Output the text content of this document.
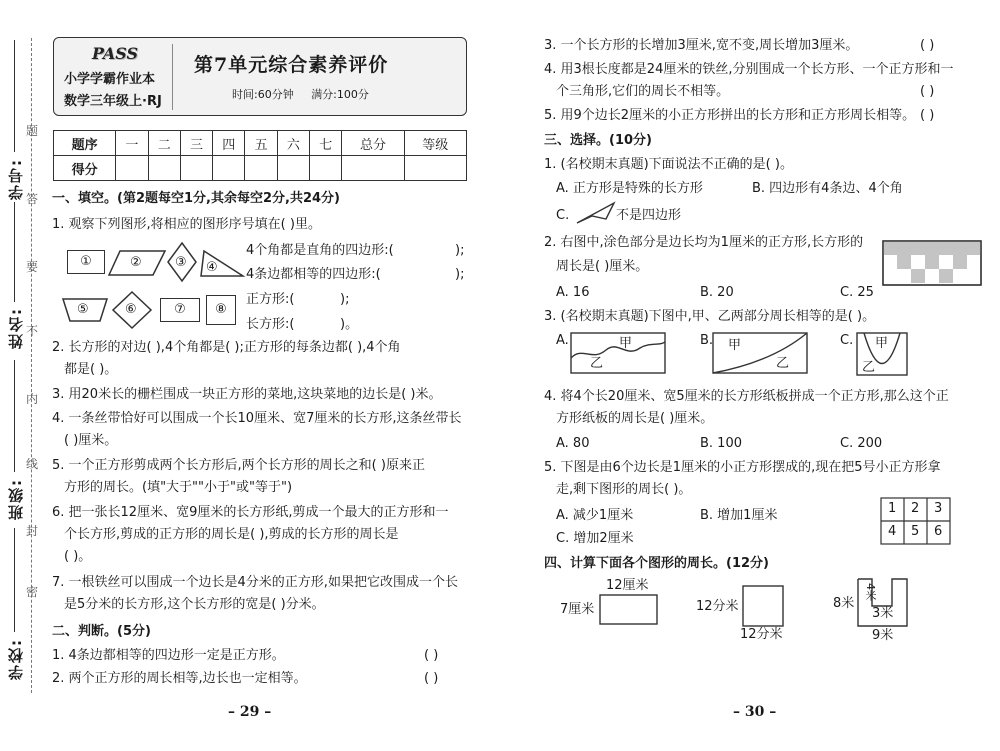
题
答
要
不
内
线
封
密
学号:
姓名:
班级:
学校:
PASS
小学学霸作业本
数学三年级上·RJ
第7单元综合素养评价
时间:60分钟 满分:100分
题序	一	二	三	四	五	六	七	总分	等级
得分									
一、填空。(第2题每空1分,其余每空2分,共24分)
1. 观察下列图形,将相应的图形序号填在( )里。
①	②	③ ④
⑤	⑥	⑦	⑧
4个角都是直角的四边形:(	);
4条边都相等的四边形:(	);
正方形:(	);
长方形:(	)。
2. 长方形的对边( ),4个角都是( );正方形的每条边都( ),4个角
都是( )。
3. 用20米长的栅栏围成一块正方形的菜地,这块菜地的边长是( )米。
4. 一条丝带恰好可以围成一个长10厘米、宽7厘米的长方形,这条丝带长
( )厘米。
5. 一个正方形剪成两个长方形后,两个长方形的周长之和( )原来正
方形的周长。(填"大于""小于"或"等于")
6. 把一张长12厘米、宽9厘米的长方形纸,剪成一个最大的正方形和一
个长方形,剪成的正方形的周长是( ),剪成的长方形的周长是
( )。
7. 一根铁丝可以围成一个边长是4分米的正方形,如果把它改围成一个长
是5分米的长方形,这个长方形的宽是( )分米。
二、判断。(5分)
1. 4条边都相等的四边形一定是正方形。	( )
2. 两个正方形的周长相等,边长也一定相等。	( )
– 29 –
3. 一个长方形的长增加3厘米,宽不变,周长增加3厘米。	( )
4. 用3根长度都是24厘米的铁丝,分别围成一个长方形、一个正方形和一
个三角形,它们的周长不相等。	( )
5. 用9个边长2厘米的小正方形拼出的长方形和正方形周长相等。 ( )
三、选择。(10分)
1. (名校期末真题)下面说法不正确的是( )。
A. 正方形是特殊的长方形	B. 四边形有4条边、4个角
C.	不是四边形
2. 右图中,涂色部分是边长均为1厘米的正方形,长方形的
周长是( )厘米。
A. 16	B. 20	C. 25
3. (名校期末真题)下图中,甲、乙两部分周长相等的是( )。
A.	甲
乙
B. 甲
乙
C. 甲
乙
4. 将4个长20厘米、宽5厘米的长方形纸板拼成一个正方形,那么这个正
方形纸板的周长是( )厘米。
A. 80	B. 100	C. 200
5. 下图是由6个边长是1厘米的小正方形摆成的,现在把5号小正方形拿
走,剩下图形的周长( )。
A. 减少1厘米	B. 增加1厘米
C. 增加2厘米
1 2 3
4 5 6
四、计算下面各个图形的周长。(12分)
12厘米
7厘米	12分米
12分米
4米
8米
3米
9米
– 30 –
